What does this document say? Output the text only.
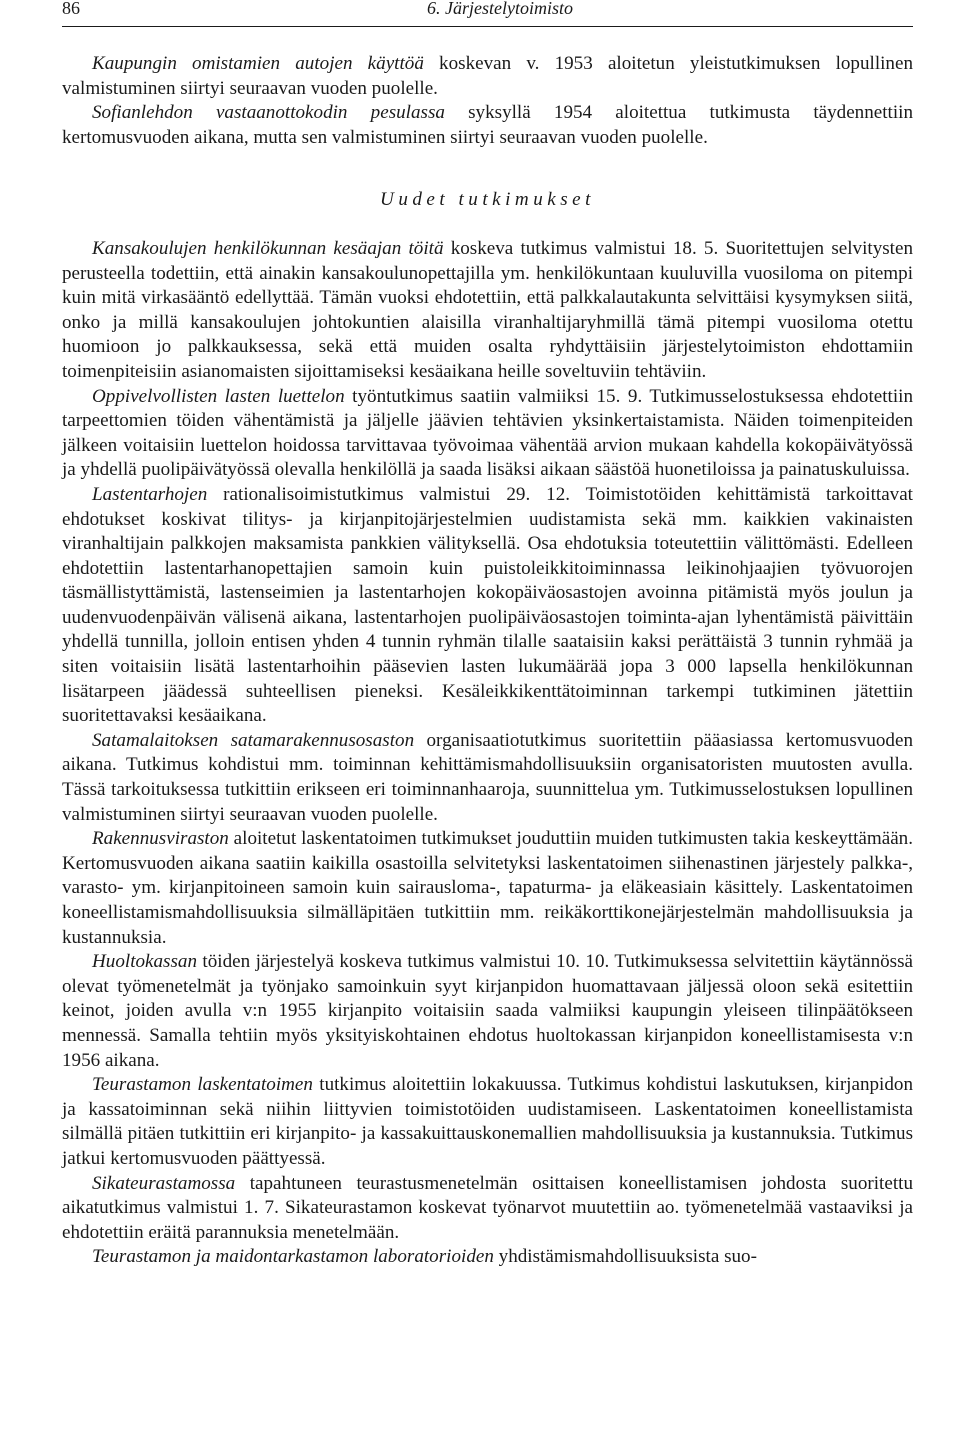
86	6. Järjestelytoimisto

Kaupungin omistamien autojen käyttöä koskevan v. 1953 aloitetun yleistutkimuksen lopullinen valmistuminen siirtyi seuraavan vuoden puolelle.

Sofianlehdon vastaanottokodin pesulassa syksyllä 1954 aloitettua tutkimusta täydennettiin kertomusvuoden aikana, mutta sen valmistuminen siirtyi seuraavan vuoden puolelle.

Uudet tutkimukset

Kansakoulujen henkilökunnan kesäajan töitä koskeva tutkimus valmistui 18. 5. Suoritettujen selvitysten perusteella todettiin, että ainakin kansakoulunopettajilla ym. henkilökuntaan kuuluvilla vuosiloma on pitempi kuin mitä virkasääntö edellyttää. Tämän vuoksi ehdotettiin, että palkkalautakunta selvittäisi kysymyksen siitä, onko ja millä kansakoulujen johtokuntien alaisilla viranhaltijaryhmillä tämä pitempi vuosiloma otettu huomioon jo palkkauksessa, sekä että muiden osalta ryhdyttäisiin järjestelytoimiston ehdottamiin toimenpiteisiin asianomaisten sijoittamiseksi kesäaikana heille soveltuviin tehtäviin.

Oppivelvollisten lasten luettelon työntutkimus saatiin valmiiksi 15. 9. Tutkimusselostuksessa ehdotettiin tarpeettomien töiden vähentämistä ja jäljelle jäävien tehtävien yksinkertaistamista. Näiden toimenpiteiden jälkeen voitaisiin luettelon hoidossa tarvittavaa työvoimaa vähentää arvion mukaan kahdella kokopäivätyössä ja yhdellä puolipäivätyössä olevalla henkilöllä ja saada lisäksi aikaan säästöä huonetiloissa ja painatuskuluissa.

Lastentarhojen rationalisoimistutkimus valmistui 29. 12. Toimistotöiden kehittämistä tarkoittavat ehdotukset koskivat tilitys- ja kirjanpitojärjestelmien uudistamista sekä mm. kaikkien vakinaisten viranhaltijain palkkojen maksamista pankkien välityksellä. Osa ehdotuksia toteutettiin välittömästi. Edelleen ehdotettiin lastentarhanopettajien samoin kuin puistoleikkitoiminnassa leikinohjaajien työvuorojen täsmällistyttämistä, lastenseimien ja lastentarhojen kokopäiväosastojen avoinna pitämistä myös joulun ja uudenvuodenpäivän välisenä aikana, lastentarhojen puolipäiväosastojen toiminta-ajan lyhentämistä päivittäin yhdellä tunnilla, jolloin entisen yhden 4 tunnin ryhmän tilalle saataisiin kaksi perättäistä 3 tunnin ryhmää ja siten voitaisiin lisätä lastentarhoihin pääsevien lasten lukumäärää jopa 3 000 lapsella henkilökunnan lisätarpeen jäädessä suhteellisen pieneksi. Kesäleikkikenttätoiminnan tarkempi tutkiminen jätettiin suoritettavaksi kesäaikana.

Satamalaitoksen satamarakennusosaston organisaatiotutkimus suoritettiin pääasiassa kertomusvuoden aikana. Tutkimus kohdistui mm. toiminnan kehittämismahdollisuuksiin organisatoristen muutosten avulla. Tässä tarkoituksessa tutkittiin erikseen eri toiminnanhaaroja, suunnittelua ym. Tutkimusselostuksen lopullinen valmistuminen siirtyi seuraavan vuoden puolelle.

Rakennusviraston aloitetut laskentatoimen tutkimukset jouduttiin muiden tutkimusten takia keskeyttämään. Kertomusvuoden aikana saatiin kaikilla osastoilla selvitetyksi laskentatoimen siihenastinen järjestely palkka-, varasto- ym. kirjanpitoineen samoin kuin sairausloma-, tapaturma- ja eläkeasiain käsittely. Laskentatoimen koneellistamismahdollisuuksia silmälläpitäen tutkittiin mm. reikäkorttikonejärjestelmän mahdollisuuksia ja kustannuksia.

Huoltokassan töiden järjestelyä koskeva tutkimus valmistui 10. 10. Tutkimuksessa selvitettiin käytännössä olevat työmenetelmät ja työnjako samoinkuin syyt kirjanpidon huomattavaan jäljessä oloon sekä esitettiin keinot, joiden avulla v:n 1955 kirjanpito voitaisiin saada valmiiksi kaupungin yleiseen tilinpäätökseen mennessä. Samalla tehtiin myös yksityiskohtainen ehdotus huoltokassan kirjanpidon koneellistamisesta v:n 1956 aikana.

Teurastamon laskentatoimen tutkimus aloitettiin lokakuussa. Tutkimus kohdistui laskutuksen, kirjanpidon ja kassatoiminnan sekä niihin liittyvien toimistotöiden uudistamiseen. Laskentatoimen koneellistamista silmällä pitäen tutkittiin eri kirjanpito- ja kassakuittauskonemallien mahdollisuuksia ja kustannuksia. Tutkimus jatkui kertomusvuoden päättyessä.

Sikateurastamossa tapahtuneen teurastusmenetelmän osittaisen koneellistamisen johdosta suoritettu aikatutkimus valmistui 1. 7. Sikateurastamon koskevat työnarvot muutettiin ao. työmenetelmää vastaaviksi ja ehdotettiin eräitä parannuksia menetelmään.

Teurastamon ja maidontarkastamon laboratorioiden yhdistämismahdollisuuksista suo-
